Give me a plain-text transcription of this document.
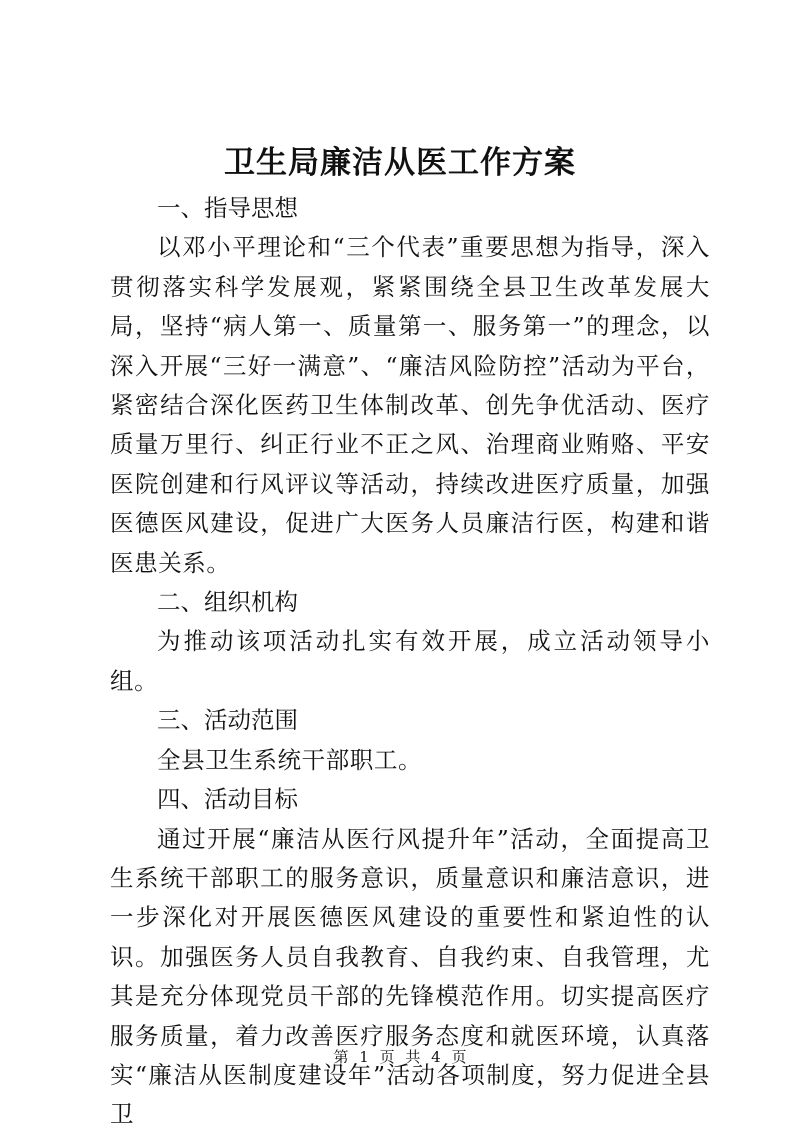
卫生局廉洁从医工作方案

一、指导思想

以邓小平理论和“三个代表”重要思想为指导，深入贯彻落实科学发展观，紧紧围绕全县卫生改革发展大局，坚持“病人第一、质量第一、服务第一”的理念，以深入开展“三好一满意”、“廉洁风险防控”活动为平台，紧密结合深化医药卫生体制改革、创先争优活动、医疗质量万里行、纠正行业不正之风、治理商业贿赂、平安医院创建和行风评议等活动，持续改进医疗质量，加强医德医风建设，促进广大医务人员廉洁行医，构建和谐医患关系。

二、组织机构

为推动该项活动扎实有效开展，成立活动领导小组。

三、活动范围

全县卫生系统干部职工。

四、活动目标

通过开展“廉洁从医行风提升年”活动，全面提高卫生系统干部职工的服务意识，质量意识和廉洁意识，进一步深化对开展医德医风建设的重要性和紧迫性的认识。加强医务人员自我教育、自我约束、自我管理，尤其是充分体现党员干部的先锋模范作用。切实提高医疗服务质量，着力改善医疗服务态度和就医环境，认真落实“廉洁从医制度建设年”活动各项制度，努力促进全县卫

第 1 页 共 4 页
